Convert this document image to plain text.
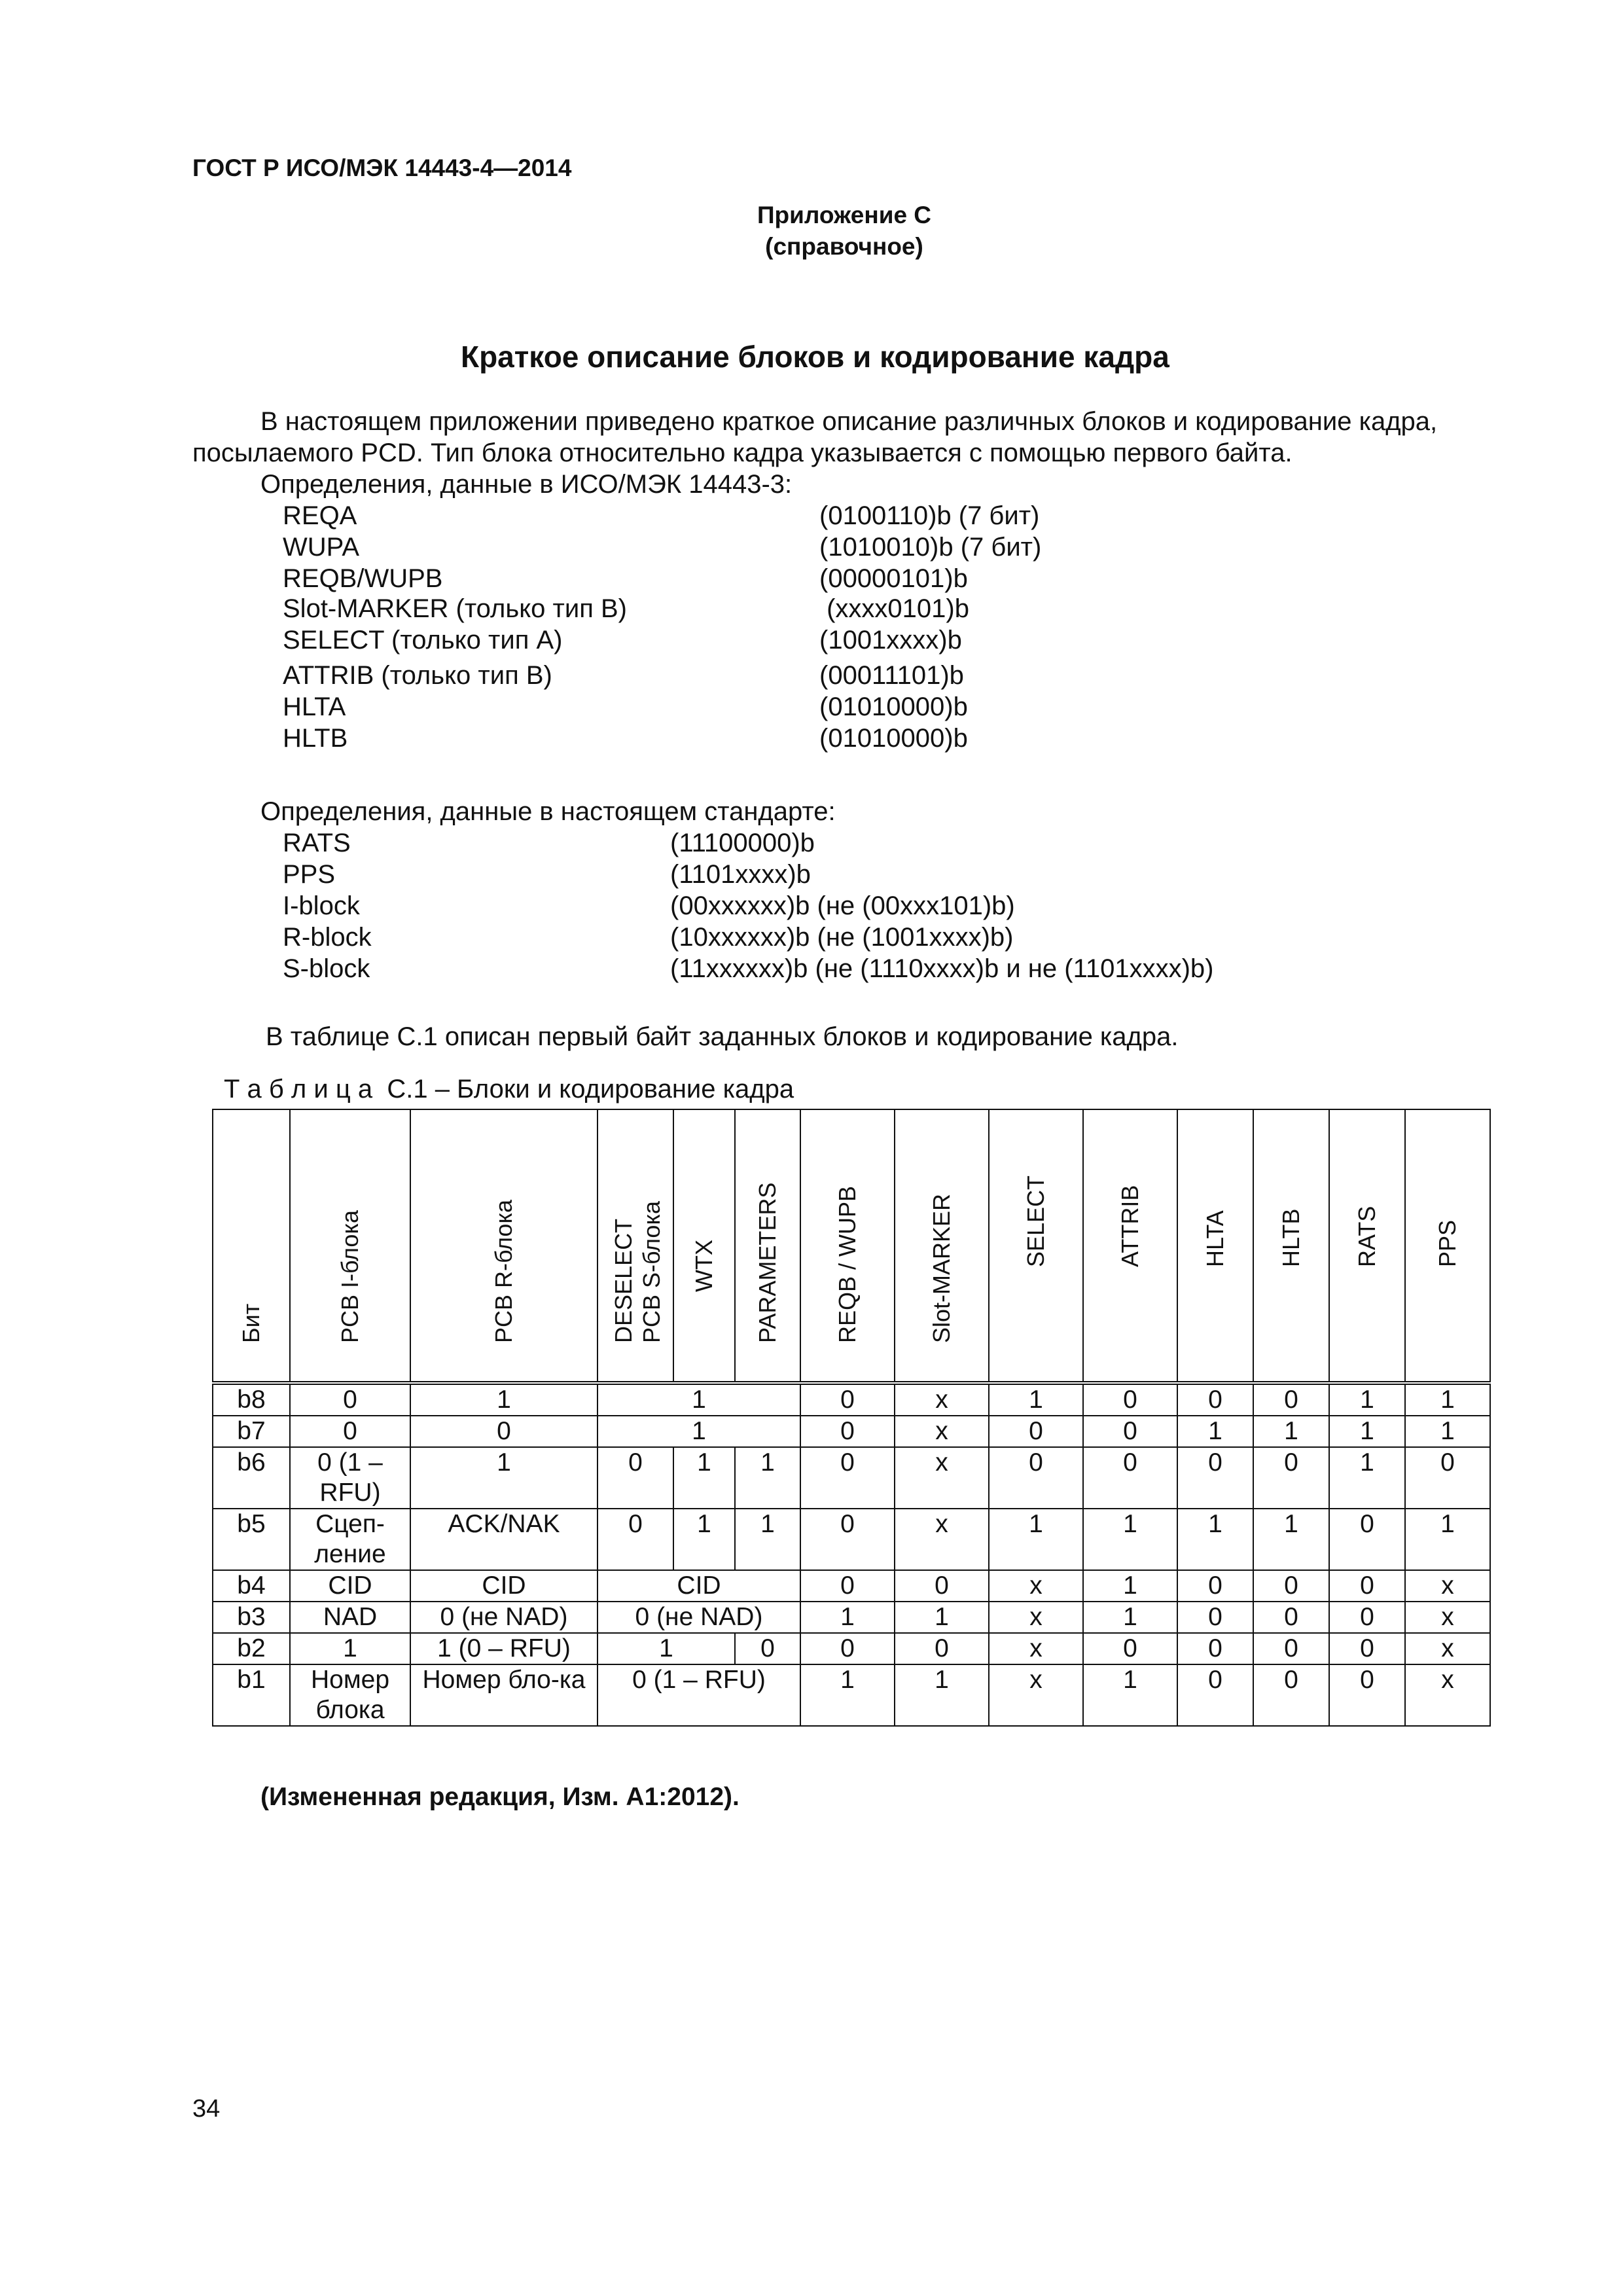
ГОСТ Р ИСО/МЭК 14443-4—2014
Приложение С
(справочное)
Краткое описание блоков и кодирование кадра
В настоящем приложении приведено краткое описание различных блоков и кодирование кадра,
посылаемого PCD. Тип блока относительно кадра указывается с помощью первого байта.
Определения, данные в ИСО/МЭК 14443-3:
REQA	(0100110)b (7 бит)
WUPA	(1010010)b (7 бит)
REQB/WUPB	(00000101)b
Slot-MARKER (только тип В)	(xxxx0101)b
SELECT (только тип А)	(1001xxxx)b
ATTRIB (только тип В)	(00011101)b
HLTA	(01010000)b
HLTB	(01010000)b
Определения, данные в настоящем стандарте:
RATS	(11100000)b
PPS	(1101xxxx)b
I-block	(00xxxxxx)b (не (00xxx101)b)
R-block	(10xxxxxx)b (не (1001xxxx)b)
S-block	(11xxxxxx)b (не (1110xxxx)b и не (1101xxxx)b)
В таблице С.1 описан первый байт заданных блоков и кодирование кадра.
Т а б л и ц а  С.1 – Блоки и кодирование кадра
Бит	PCB I-блока	PCB R-блока	DESELECT PCB S-блока	WTX	PARAMETERS	REQB / WUPB	Slot-MARKER	SELECT	ATTRIB	HLTA	HLTB	RATS	PPS

b8	0	1	1			0	x	1	0	0	0	1	1
b7	0	0	1			0	x	0	0	1	1	1	1
b6	0 (1 – RFU)	1	0	1	1	0	x	0	0	0	0	1	0
b5	Сцеп-ление	ACK/NAK	0	1	1	0	x	1	1	1	1	0	1
b4	CID	CID	CID			0	0	x	1	0	0	0	x
b3	NAD	0 (не NAD)	0 (не NAD)			1	1	x	1	0	0	0	x
b2	1	1 (0 – RFU)	1		0	0	0	x	0	0	0	0	x
b1	Номер блока	Номер бло-ка	0 (1 – RFU)			1	1	x	1	0	0	0	x
(Измененная редакция, Изм. А1:2012).
34
